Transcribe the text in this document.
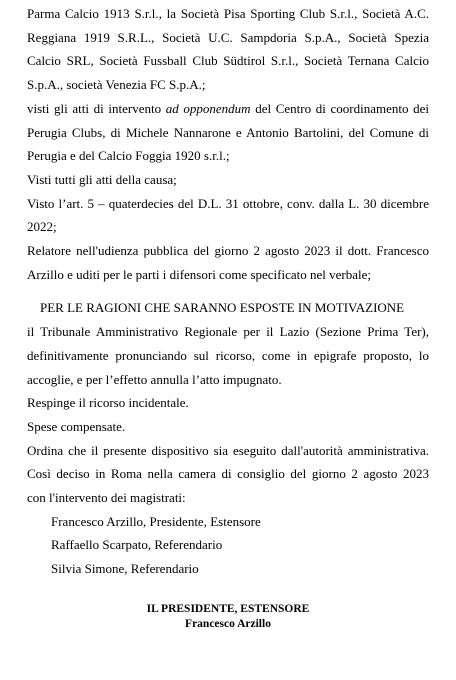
Parma Calcio 1913 S.r.l., la Società Pisa Sporting Club S.r.l., Società A.C.
Reggiana 1919 S.R.L., Società U.C. Sampdoria S.p.A., Società Spezia
Calcio SRL, Società Fussball Club Südtirol S.r.l., Società Ternana Calcio
S.p.A., società Venezia FC S.p.A.;
visti gli atti di intervento ad opponendum del Centro di coordinamento dei
Perugia Clubs, di Michele Nannarone e Antonio Bartolini, del Comune di
Perugia e del Calcio Foggia 1920 s.r.l.;
Visti tutti gli atti della causa;
Visto l’art. 5 – quaterdecies del D.L. 31 ottobre, conv. dalla L. 30 dicembre
2022;
Relatore nell'udienza pubblica del giorno 2 agosto 2023 il dott. Francesco
Arzillo e uditi per le parti i difensori come specificato nel verbale;
PER LE RAGIONI CHE SARANNO ESPOSTE IN MOTIVAZIONE
il Tribunale Amministrativo Regionale per il Lazio (Sezione Prima Ter),
definitivamente pronunciando sul ricorso, come in epigrafe proposto, lo
accoglie, e per l’effetto annulla l’atto impugnato.
Respinge il ricorso incidentale.
Spese compensate.
Ordina che il presente dispositivo sia eseguito dall'autorità amministrativa.
Così deciso in Roma nella camera di consiglio del giorno 2 agosto 2023
con l'intervento dei magistrati:
Francesco Arzillo, Presidente, Estensore
Raffaello Scarpato, Referendario
Silvia Simone, Referendario
IL PRESIDENTE, ESTENSORE
Francesco Arzillo
